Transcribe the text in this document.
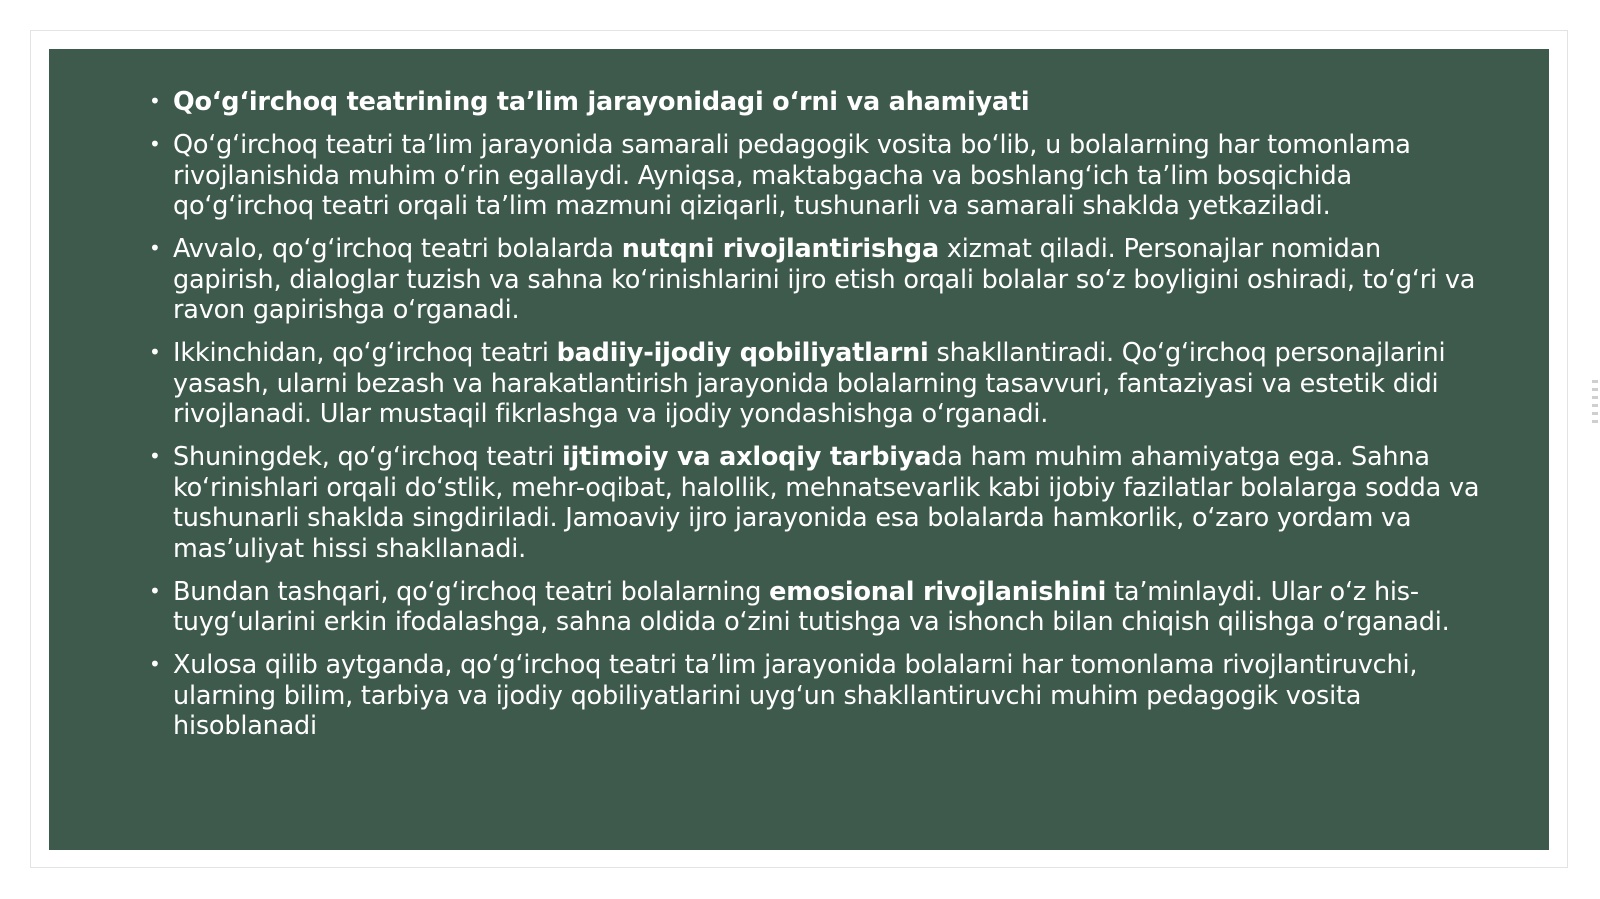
• Qo‘g‘irchoq teatrining ta’lim jarayonidagi o‘rni va ahamiyati
• Qo‘g‘irchoq teatri ta’lim jarayonida samarali pedagogik vosita bo‘lib, u bolalarning har tomonlama rivojlanishida muhim o‘rin egallaydi. Ayniqsa, maktabgacha va boshlang‘ich ta’lim bosqichida qo‘g‘irchoq teatri orqali ta’lim mazmuni qiziqarli, tushunarli va samarali shaklda yetkaziladi.
• Avvalo, qo‘g‘irchoq teatri bolalarda nutqni rivojlantirishga xizmat qiladi. Personajlar nomidan gapirish, dialoglar tuzish va sahna ko‘rinishlarini ijro etish orqali bolalar so‘z boyligini oshiradi, to‘g‘ri va ravon gapirishga o‘rganadi.
• Ikkinchidan, qo‘g‘irchoq teatri badiiy-ijodiy qobiliyatlarni shakllantiradi. Qo‘g‘irchoq personajlarini yasash, ularni bezash va harakatlantirish jarayonida bolalarning tasavvuri, fantaziyasi va estetik didi rivojlanadi. Ular mustaqil fikrlashga va ijodiy yondashishga o‘rganadi.
• Shuningdek, qo‘g‘irchoq teatri ijtimoiy va axloqiy tarbiyada ham muhim ahamiyatga ega. Sahna ko‘rinishlari orqali do‘stlik, mehr-oqibat, halollik, mehnatsevarlik kabi ijobiy fazilatlar bolalarga sodda va tushunarli shaklda singdiriladi. Jamoaviy ijro jarayonida esa bolalarda hamkorlik, o‘zaro yordam va mas’uliyat hissi shakllanadi.
• Bundan tashqari, qo‘g‘irchoq teatri bolalarning emosional rivojlanishini ta’minlaydi. Ular o‘z his-tuyg‘ularini erkin ifodalashga, sahna oldida o‘zini tutishga va ishonch bilan chiqish qilishga o‘rganadi.
• Xulosa qilib aytganda, qo‘g‘irchoq teatri ta’lim jarayonida bolalarni har tomonlama rivojlantiruvchi, ularning bilim, tarbiya va ijodiy qobiliyatlarini uyg‘un shakllantiruvchi muhim pedagogik vosita hisoblanadi
